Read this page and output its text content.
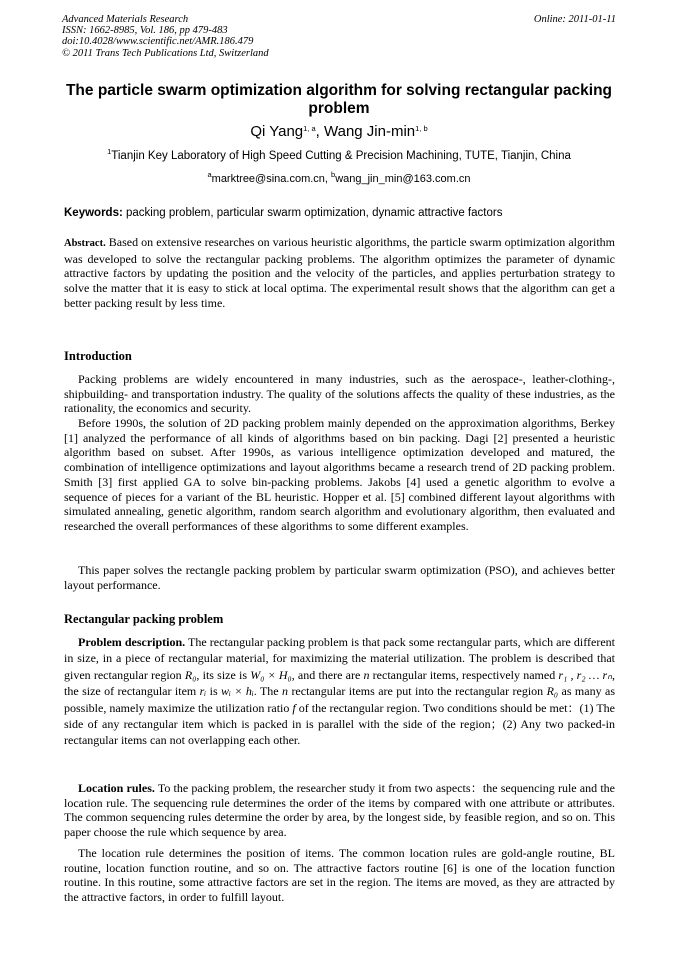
Advanced Materials Research
ISSN: 1662-8985, Vol. 186, pp 479-483
doi:10.4028/www.scientific.net/AMR.186.479
© 2011 Trans Tech Publications Ltd, Switzerland
Online: 2011-01-11
The particle swarm optimization algorithm for solving rectangular packing problem
Qi Yang$^{1, a}$, Wang Jin-$\min^{1, b}$
$^1$Tianjin Key Laboratory of High Speed Cutting & Precision Machining, TUTE, Tianjin, China
$^a$marktree@sina.com.cn, $^b$wang_jin_min@163.com.cn
Keywords: packing problem, particular swarm optimization, dynamic attractive factors

Abstract. Based on extensive researches on various heuristic algorithms, the particle swarm optimization algorithm was developed to solve the rectangular packing problems. The algorithm optimizes the parameter of dynamic attractive factors by updating the position and the velocity of the particles, and applies perturbation strategy to solve the matter that it is easy to stick at local optima. The experimental result shows that the algorithm can get a better packing result by less time.

Introduction

Packing problems are widely encountered in many industries, such as the aerospace-, leather-clothing-, shipbuilding- and transportation industry. The quality of the solutions affects the quality of these industries, as the rationality, the economics and security.

Before 1990s, the solution of 2D packing problem mainly depended on the approximation algorithms, Berkey [1] analyzed the performance of all kinds of algorithms based on bin packing. Dagi [2] presented a heuristic algorithm based on subset. After 1990s, as various intelligence optimization developed and matured, the combination of intelligence optimizations and layout algorithms became a research trend of 2D packing problem. Smith [3] first applied GA to solve bin-packing problems. Jakobs [4] used a genetic algorithm to evolve a sequence of pieces for a variant of the BL heuristic. Hopper et al. [5] combined different layout algorithms with simulated annealing, genetic algorithm, random search algorithm and evolutionary algorithm, then evaluated and researched the overall performances of these algorithms to some different examples.

This paper solves the rectangle packing problem by particular swarm optimization (PSO), and achieves better layout performance.

Rectangular packing problem

Problem description. The rectangular packing problem is that pack some rectangular parts, which are different in size, in a piece of rectangular material, for maximizing the material utilization. The problem is described that given rectangular region R₀, its size is W₀ × H₀, and there are n rectangular items, respectively named r₁ , r₂ … rₙ, the size of rectangular item rᵢ is wᵢ × hᵢ. The n rectangular items are put into the rectangular region R₀ as many as possible, namely maximize the utilization ratio f of the rectangular region. Two conditions should be met：(1) The side of any rectangular item which is packed in is parallel with the side of the region；(2) Any two packed-in rectangular items can not overlapping each other.

Location rules. To the packing problem, the researcher study it from two aspects：the sequencing rule and the location rule. The sequencing rule determines the order of the items by compared with one attribute or attributes. The common sequencing rules determine the order by area, by the longest side, by feasible region, and so on. This paper choose the rule which sequence by area.

The location rule determines the position of items. The common location rules are gold-angle routine, BL routine, location function routine, and so on. The attractive factors routine [6] is one of the location function routine. In this routine, some attractive factors are set in the region. The items are moved, as they are attracted by the attractive factors, in order to fulfill layout.
